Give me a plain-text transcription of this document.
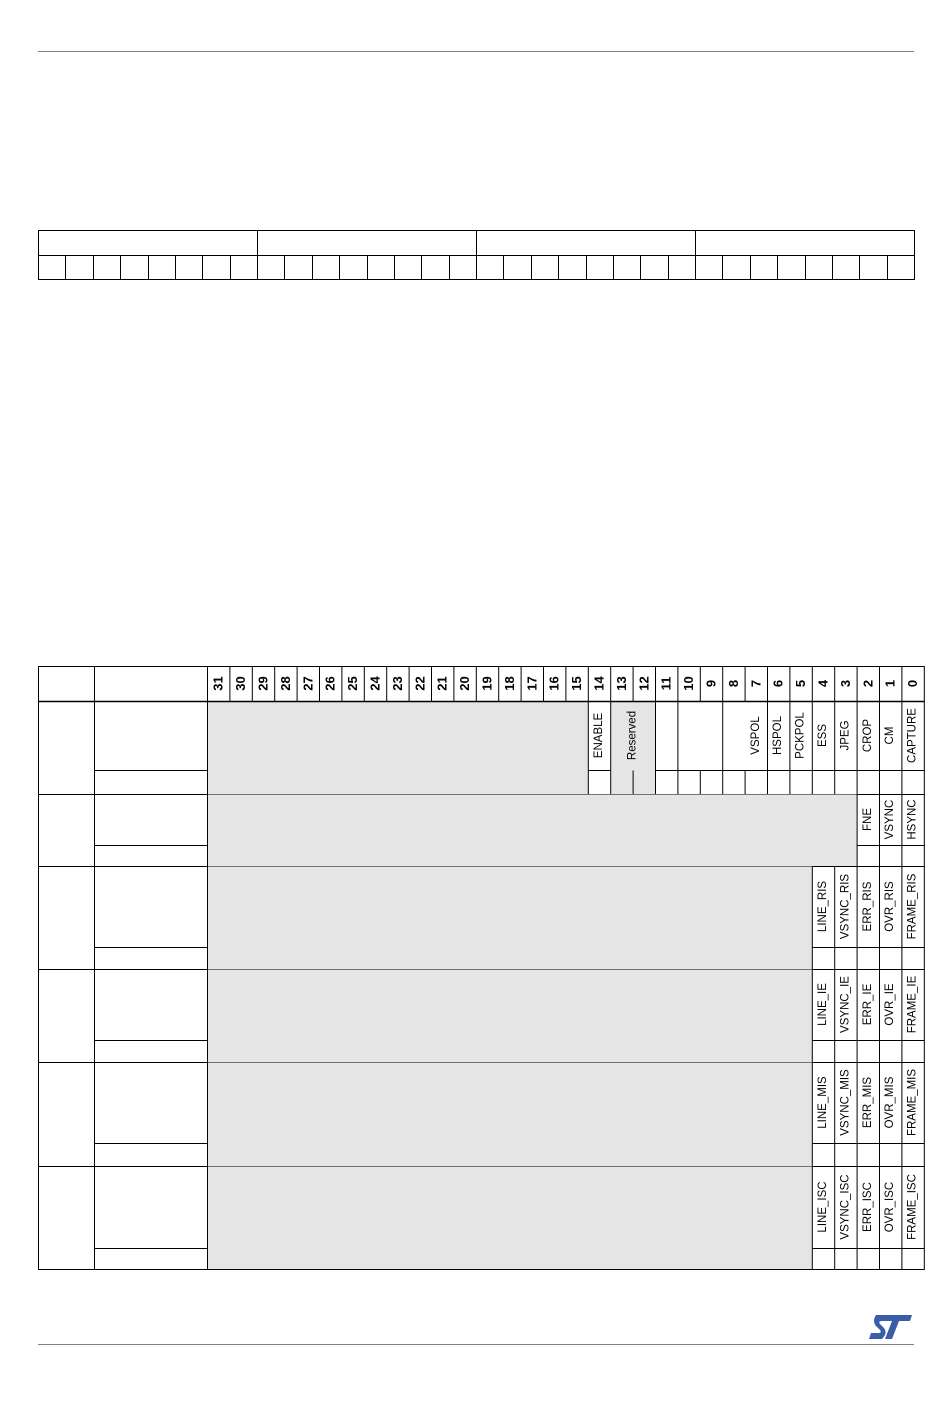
31 30 29 28 27 26 25 24 23 22 21 20 19 18 17 16 15 14 13 12 11 10 9 8 7 6 5 4 3 2 1 0
ENABLE Reserved	VSPOL HSPOL PCKPOL ESS JPEG CROP CM CAPTURE
FNE VSYNC HSYNC
LINE_RIS VSYNC_RIS ERR_RIS OVR_RIS FRAME_RIS
LINE_IE VSYNC_IE ERR_IE OVR_IE FRAME_IE
LINE_MIS VSYNC_MIS ERR_MIS OVR_MIS FRAME_MIS
LINE_ISC VSYNC_ISC ERR_ISC OVR_ISC FRAME_ISC
